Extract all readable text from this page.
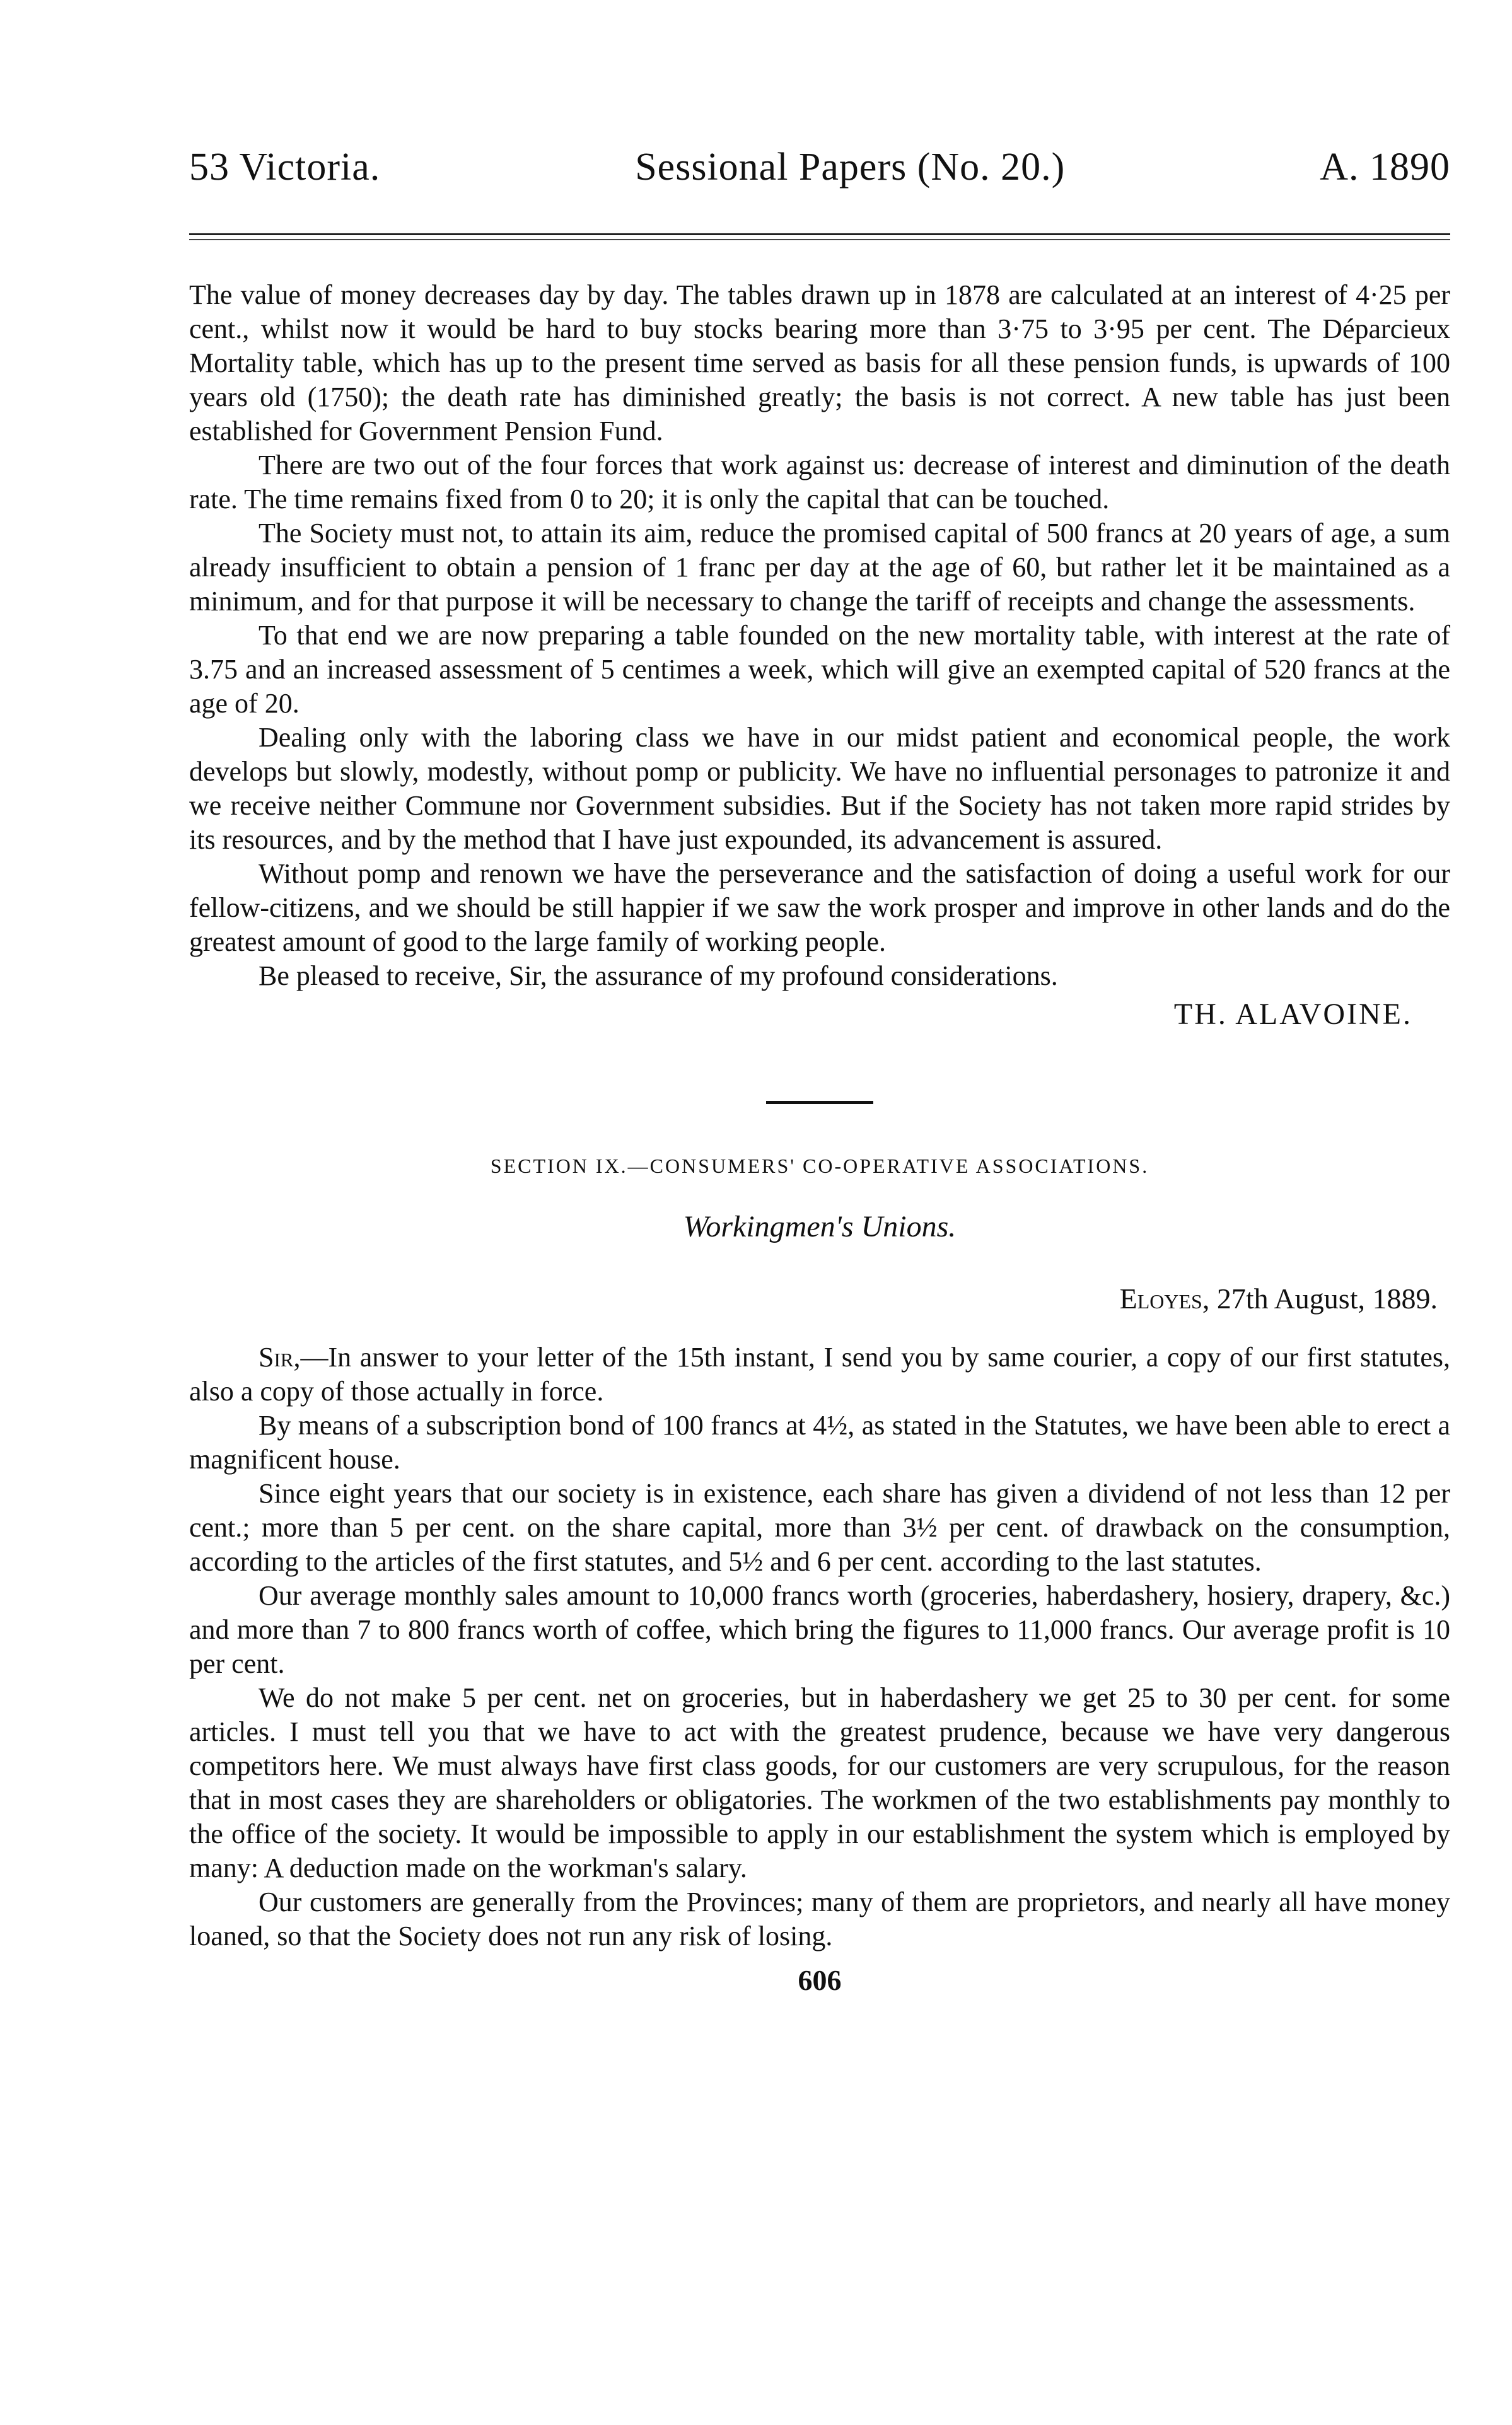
53 Victoria.	Sessional Papers (No. 20.)	A. 1890

The value of money decreases day by day. The tables drawn up in 1878 are calculated at an interest of 4·25 per cent., whilst now it would be hard to buy stocks bearing more than 3·75 to 3·95 per cent. The Déparcieux Mortality table, which has up to the present time served as basis for all these pension funds, is upwards of 100 years old (1750); the death rate has diminished greatly; the basis is not correct. A new table has just been established for Government Pension Fund.

There are two out of the four forces that work against us: decrease of interest and diminution of the death rate. The time remains fixed from 0 to 20; it is only the capital that can be touched.

The Society must not, to attain its aim, reduce the promised capital of 500 francs at 20 years of age, a sum already insufficient to obtain a pension of 1 franc per day at the age of 60, but rather let it be maintained as a minimum, and for that purpose it will be necessary to change the tariff of receipts and change the assessments.

To that end we are now preparing a table founded on the new mortality table, with interest at the rate of 3.75 and an increased assessment of 5 centimes a week, which will give an exempted capital of 520 francs at the age of 20.

Dealing only with the laboring class we have in our midst patient and economical people, the work develops but slowly, modestly, without pomp or publicity. We have no influential personages to patronize it and we receive neither Commune nor Government subsidies. But if the Society has not taken more rapid strides by its resources, and by the method that I have just expounded, its advancement is assured.

Without pomp and renown we have the perseverance and the satisfaction of doing a useful work for our fellow-citizens, and we should be still happier if we saw the work prosper and improve in other lands and do the greatest amount of good to the large family of working people.

Be pleased to receive, Sir, the assurance of my profound considerations.

TH. ALAVOINE.
SECTION IX.—CONSUMERS' CO-OPERATIVE ASSOCIATIONS.
Workingmen's Unions.
Eloyes, 27th August, 1889.

Sir,—In answer to your letter of the 15th instant, I send you by same courier, a copy of our first statutes, also a copy of those actually in force.

By means of a subscription bond of 100 francs at 4½, as stated in the Statutes, we have been able to erect a magnificent house.

Since eight years that our society is in existence, each share has given a dividend of not less than 12 per cent.; more than 5 per cent. on the share capital, more than 3½ per cent. of drawback on the consumption, according to the articles of the first statutes, and 5½ and 6 per cent. according to the last statutes.

Our average monthly sales amount to 10,000 francs worth (groceries, haberdashery, hosiery, drapery, &c.) and more than 7 to 800 francs worth of coffee, which bring the figures to 11,000 francs. Our average profit is 10 per cent.

We do not make 5 per cent. net on groceries, but in haberdashery we get 25 to 30 per cent. for some articles. I must tell you that we have to act with the greatest prudence, because we have very dangerous competitors here. We must always have first class goods, for our customers are very scrupulous, for the reason that in most cases they are shareholders or obligatories. The workmen of the two establishments pay monthly to the office of the society. It would be impossible to apply in our establishment the system which is employed by many: A deduction made on the workman's salary.

Our customers are generally from the Provinces; many of them are proprietors, and nearly all have money loaned, so that the Society does not run any risk of losing.

606
